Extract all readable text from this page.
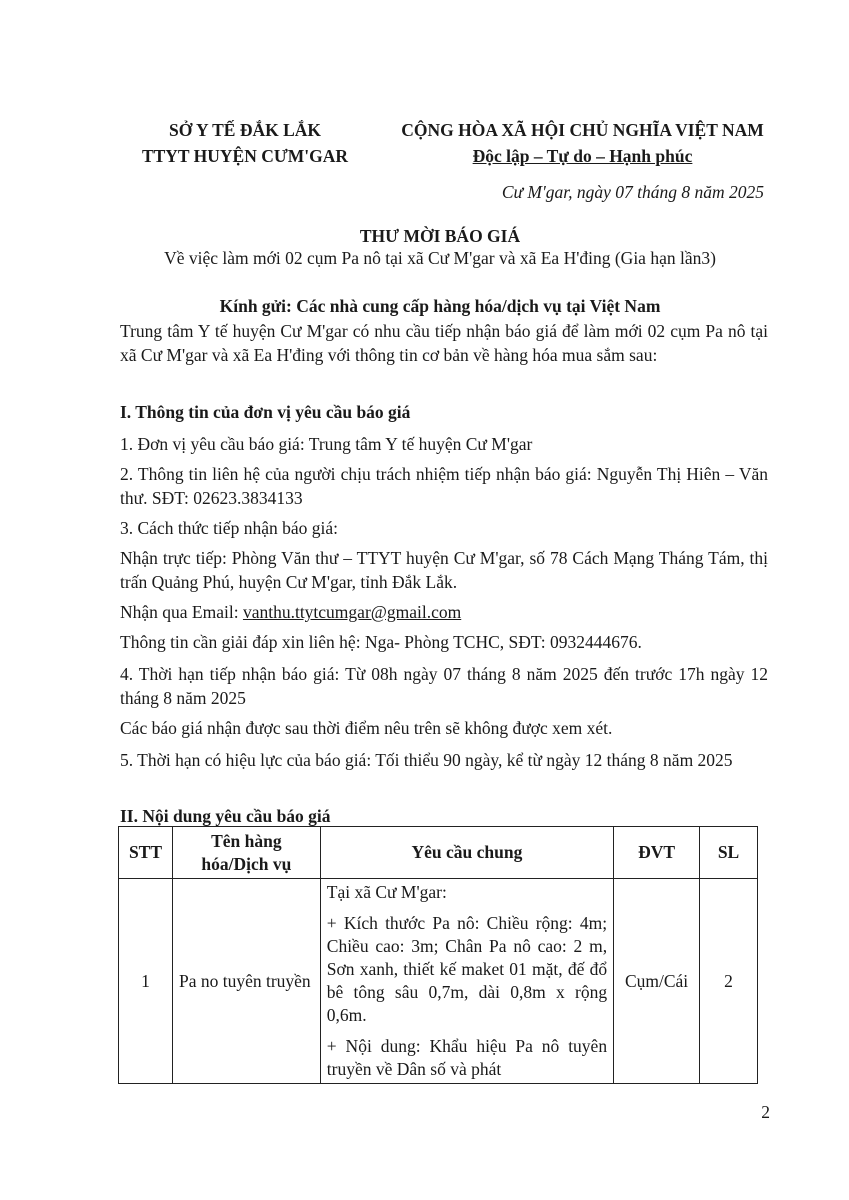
SỞ Y TẾ ĐẮK LẮK
TTYT HUYỆN CƯM'GAR
CỘNG HÒA XÃ HỘI CHỦ NGHĨA VIỆT NAM
Độc lập – Tự do – Hạnh phúc
Cư M'gar, ngày 07 tháng 8 năm 2025
THƯ MỜI BÁO GIÁ
Về việc làm mới 02 cụm Pa nô tại xã Cư M'gar và xã Ea H'đing (Gia hạn lần3)
Kính gửi: Các nhà cung cấp hàng hóa/dịch vụ tại Việt Nam
Trung tâm Y tế huyện Cư M'gar có nhu cầu tiếp nhận báo giá để làm mới 02 cụm Pa nô tại xã Cư M'gar và xã Ea H'đing với thông tin cơ bản về hàng hóa mua sắm sau:
I. Thông tin của đơn vị yêu cầu báo giá
1. Đơn vị yêu cầu báo giá: Trung tâm Y tế huyện Cư M'gar
2. Thông tin liên hệ của người chịu trách nhiệm tiếp nhận báo giá: Nguyễn Thị Hiên – Văn thư. SĐT: 02623.3834133
3. Cách thức tiếp nhận báo giá:
Nhận trực tiếp: Phòng Văn thư – TTYT huyện Cư M'gar, số 78 Cách Mạng Tháng Tám, thị trấn Quảng Phú, huyện Cư M'gar, tỉnh Đắk Lắk.
Nhận qua Email: vanthu.ttytcumgar@gmail.com
Thông tin cần giải đáp xin liên hệ: Nga- Phòng TCHC, SĐT: 0932444676.
4. Thời hạn tiếp nhận báo giá: Từ 08h ngày 07 tháng 8 năm 2025 đến trước 17h ngày 12 tháng 8 năm 2025
Các báo giá nhận được sau thời điểm nêu trên sẽ không được xem xét.
5. Thời hạn có hiệu lực của báo giá: Tối thiểu 90 ngày, kể từ ngày 12 tháng 8 năm 2025
II. Nội dung yêu cầu báo giá
STT	Tên hàng hóa/Dịch vụ	Yêu cầu chung	ĐVT	SL
1	Pa no tuyên truyền	Tại xã Cư M'gar:

+ Kích thước Pa nô: Chiều rộng: 4m; Chiều cao: 3m; Chân Pa nô cao: 2 m, Sơn xanh, thiết kế maket 01 mặt, đế đổ bê tông sâu 0,7m, dài 0,8m x rộng 0,6m.

+ Nội dung: Khẩu hiệu Pa nô tuyên truyền về Dân số và phát	Cụm/Cái	2
2
